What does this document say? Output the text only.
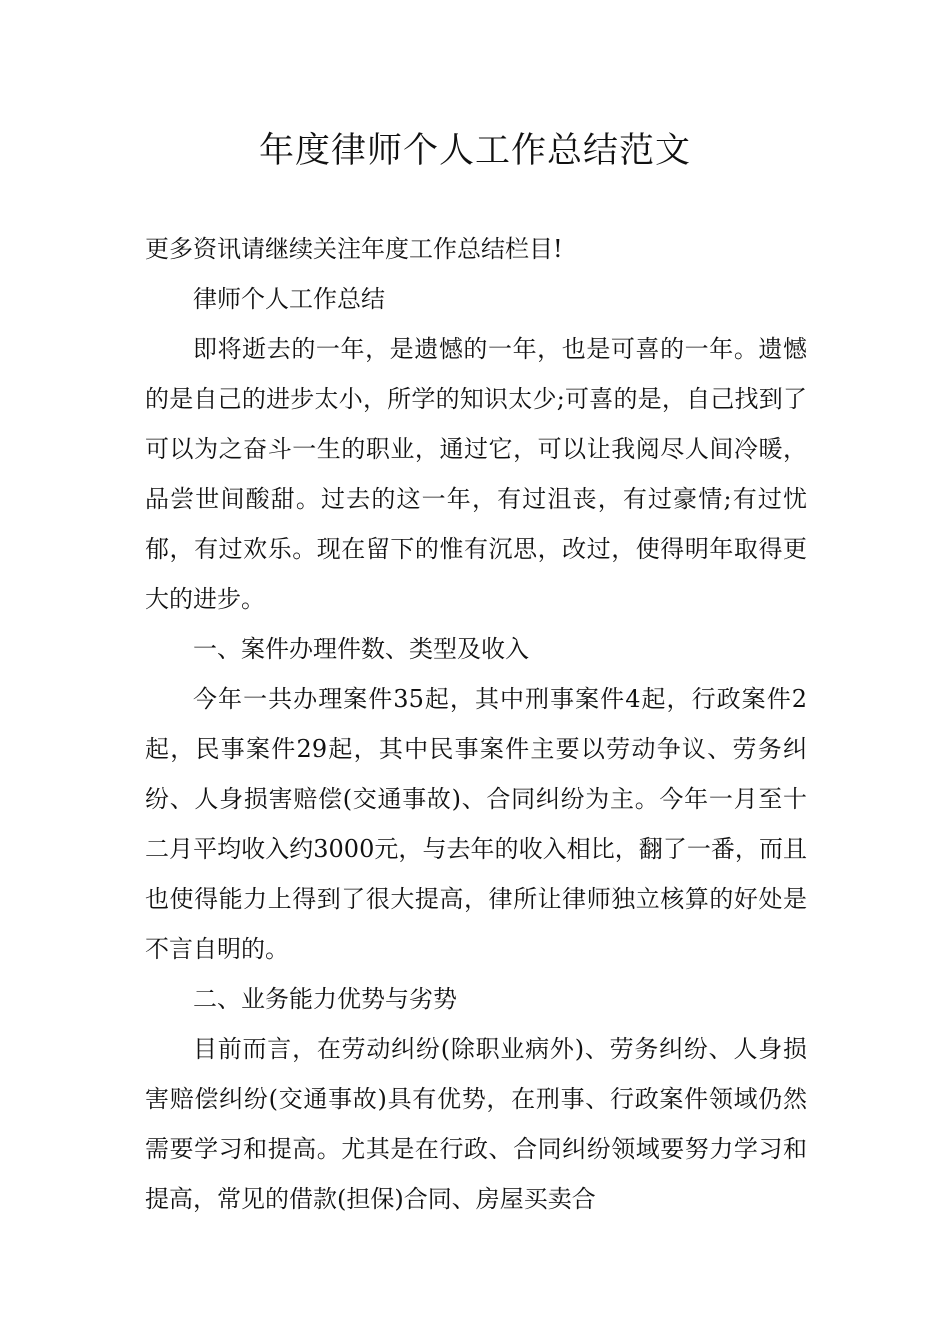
年度律师个人工作总结范文

更多资讯请继续关注年度工作总结栏目!

律师个人工作总结

即将逝去的一年，是遗憾的一年，也是可喜的一年。遗憾的是自己的进步太小，所学的知识太少;可喜的是，自己找到了可以为之奋斗一生的职业，通过它，可以让我阅尽人间冷暖，品尝世间酸甜。过去的这一年，有过沮丧，有过豪情;有过忧郁，有过欢乐。现在留下的惟有沉思，改过，使得明年取得更大的进步。

一、案件办理件数、类型及收入

今年一共办理案件35起，其中刑事案件4起，行政案件2起，民事案件29起，其中民事案件主要以劳动争议、劳务纠纷、人身损害赔偿(交通事故)、合同纠纷为主。今年一月至十二月平均收入约3000元，与去年的收入相比，翻了一番，而且也使得能力上得到了很大提高，律所让律师独立核算的好处是不言自明的。

二、业务能力优势与劣势

目前而言，在劳动纠纷(除职业病外)、劳务纠纷、人身损害赔偿纠纷(交通事故)具有优势，在刑事、行政案件领域仍然需要学习和提高。尤其是在行政、合同纠纷领域要努力学习和提高，常见的借款(担保)合同、房屋买卖合
